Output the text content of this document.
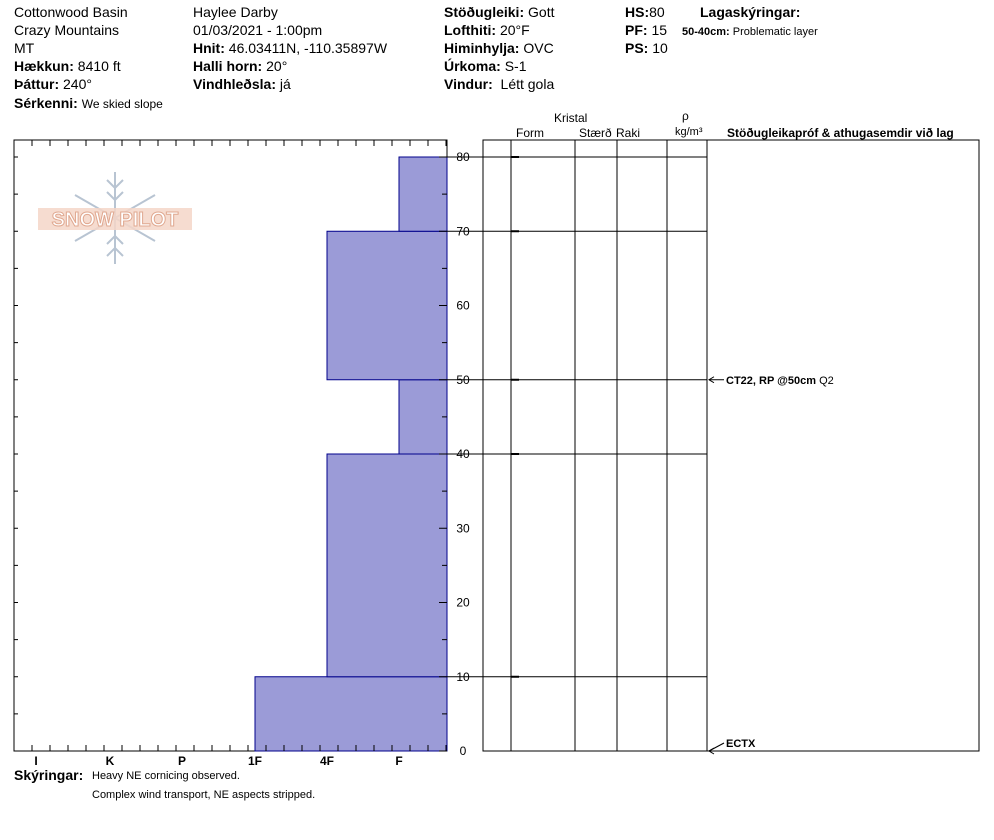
Cottonwood Basin
Crazy Mountains
MT
Hækkun: 8410 ft
Þáttur: 240°
Sérkenni: We skied slope
Haylee Darby
01/03/2021 - 1:00pm
Hnit: 46.03411N, -110.35897W
Halli horn: 20°
Vindhleðsla: já
Stöðugleiki: Gott
Lofthiti: 20°F
Himinhylja: OVC
Úrkoma: S-1
Vindur: Létt gola
HS:80
PF: 15
PS: 10
Lagaskýringar:
50-40cm: Problematic layer
Kristal
Form	Stærð Raki
ρ
kg/m³ Stöðugleikapróf & athugasemdir við lag
Skýringar: Heavy NE cornicing observed.
Complex wind transport, NE aspects stripped.
SNOW PILOT
0
10
20
30
40
50
60
70
80
I	K	P	1F	4F	F
CT22, RP @50cm Q2
ECTX
